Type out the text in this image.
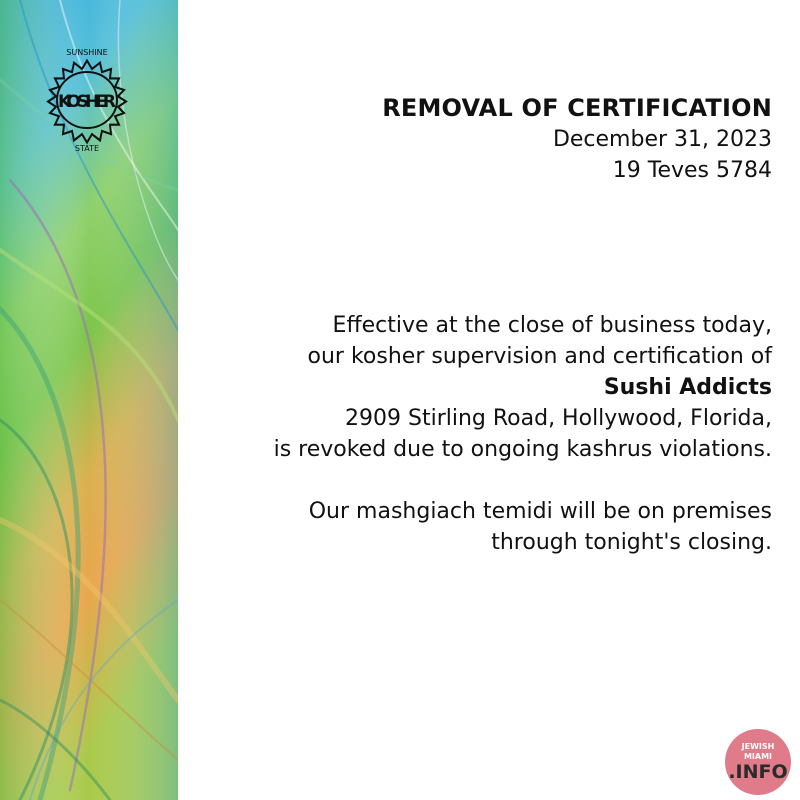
KOSHER
SUNSHINE
STATE
REMOVAL OF CERTIFICATION
December 31, 2023
19 Teves 5784
Effective at the close of business today,
our kosher supervision and certification of
Sushi Addicts
2909 Stirling Road, Hollywood, Florida,
is revoked due to ongoing kashrus violations.
Our mashgiach temidi will be on premises
through tonight's closing.
JEWISH
MIAMI
.INFO
